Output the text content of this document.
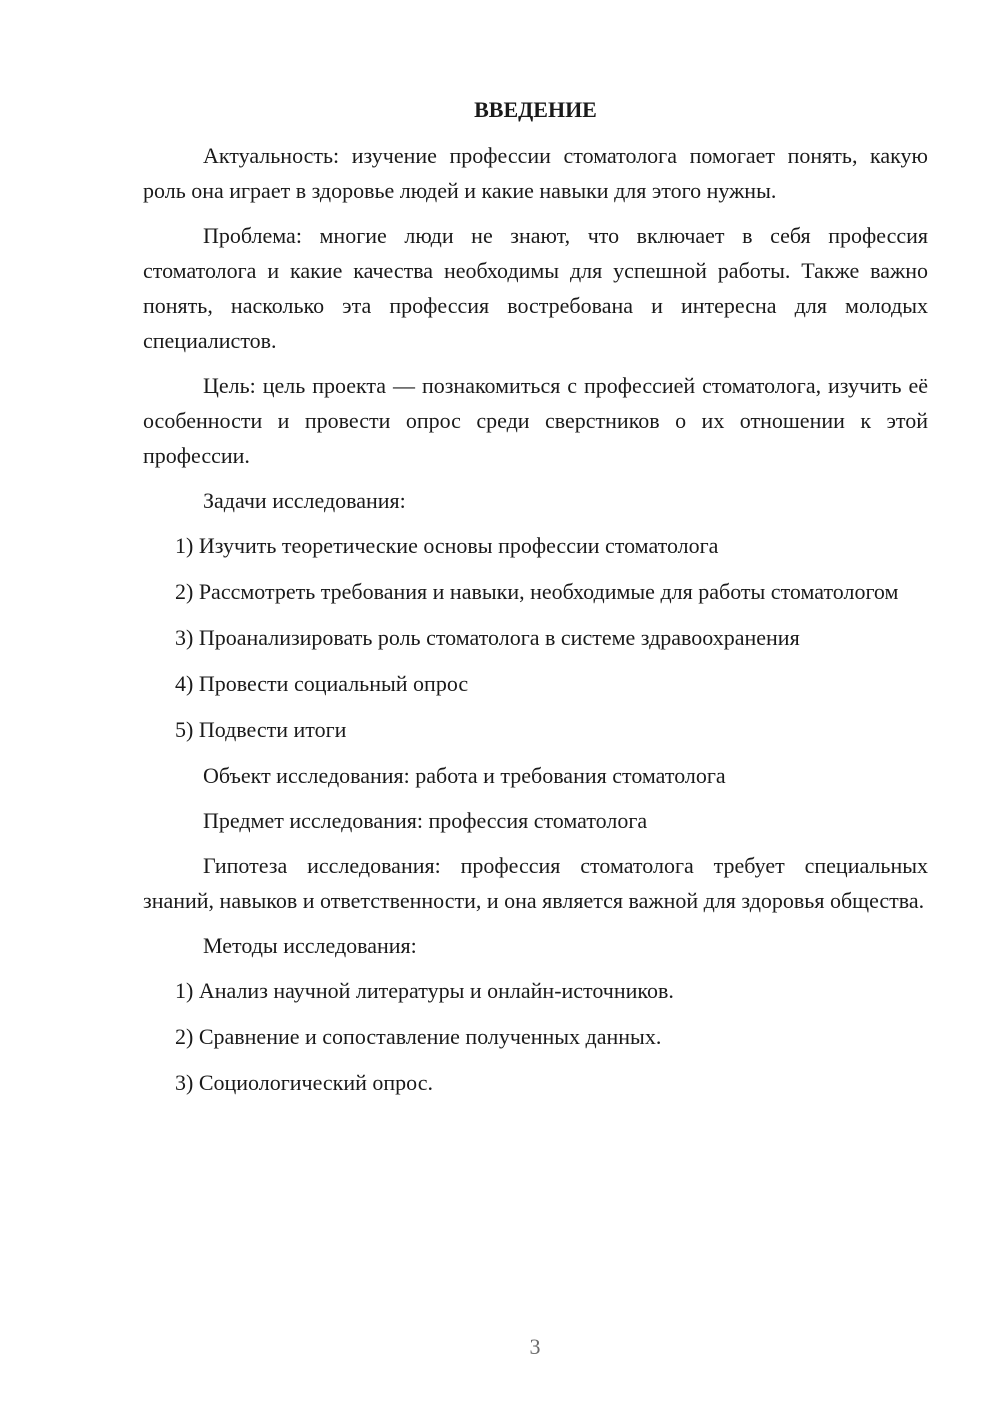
ВВЕДЕНИЕ

Актуальность: изучение профессии стоматолога помогает понять, какую роль она играет в здоровье людей и какие навыки для этого нужны.

Проблема: многие люди не знают, что включает в себя профессия стоматолога и какие качества необходимы для успешной работы. Также важно понять, насколько эта профессия востребована и интересна для молодых специалистов.

Цель: цель проекта — познакомиться с профессией стоматолога, изучить её особенности и провести опрос среди сверстников о их отношении к этой профессии.

Задачи исследования:

1) Изучить теоретические основы профессии стоматолога

2) Рассмотреть требования и навыки, необходимые для работы стоматологом

3) Проанализировать роль стоматолога в системе здравоохранения

4) Провести социальный опрос

5) Подвести итоги

Объект исследования: работа и требования стоматолога

Предмет исследования: профессия стоматолога

Гипотеза исследования: профессия стоматолога требует специальных знаний, навыков и ответственности, и она является важной для здоровья общества.

Методы исследования:

1) Анализ научной литературы и онлайн-источников.

2) Сравнение и сопоставление полученных данных.

3) Социологический опрос.

3
